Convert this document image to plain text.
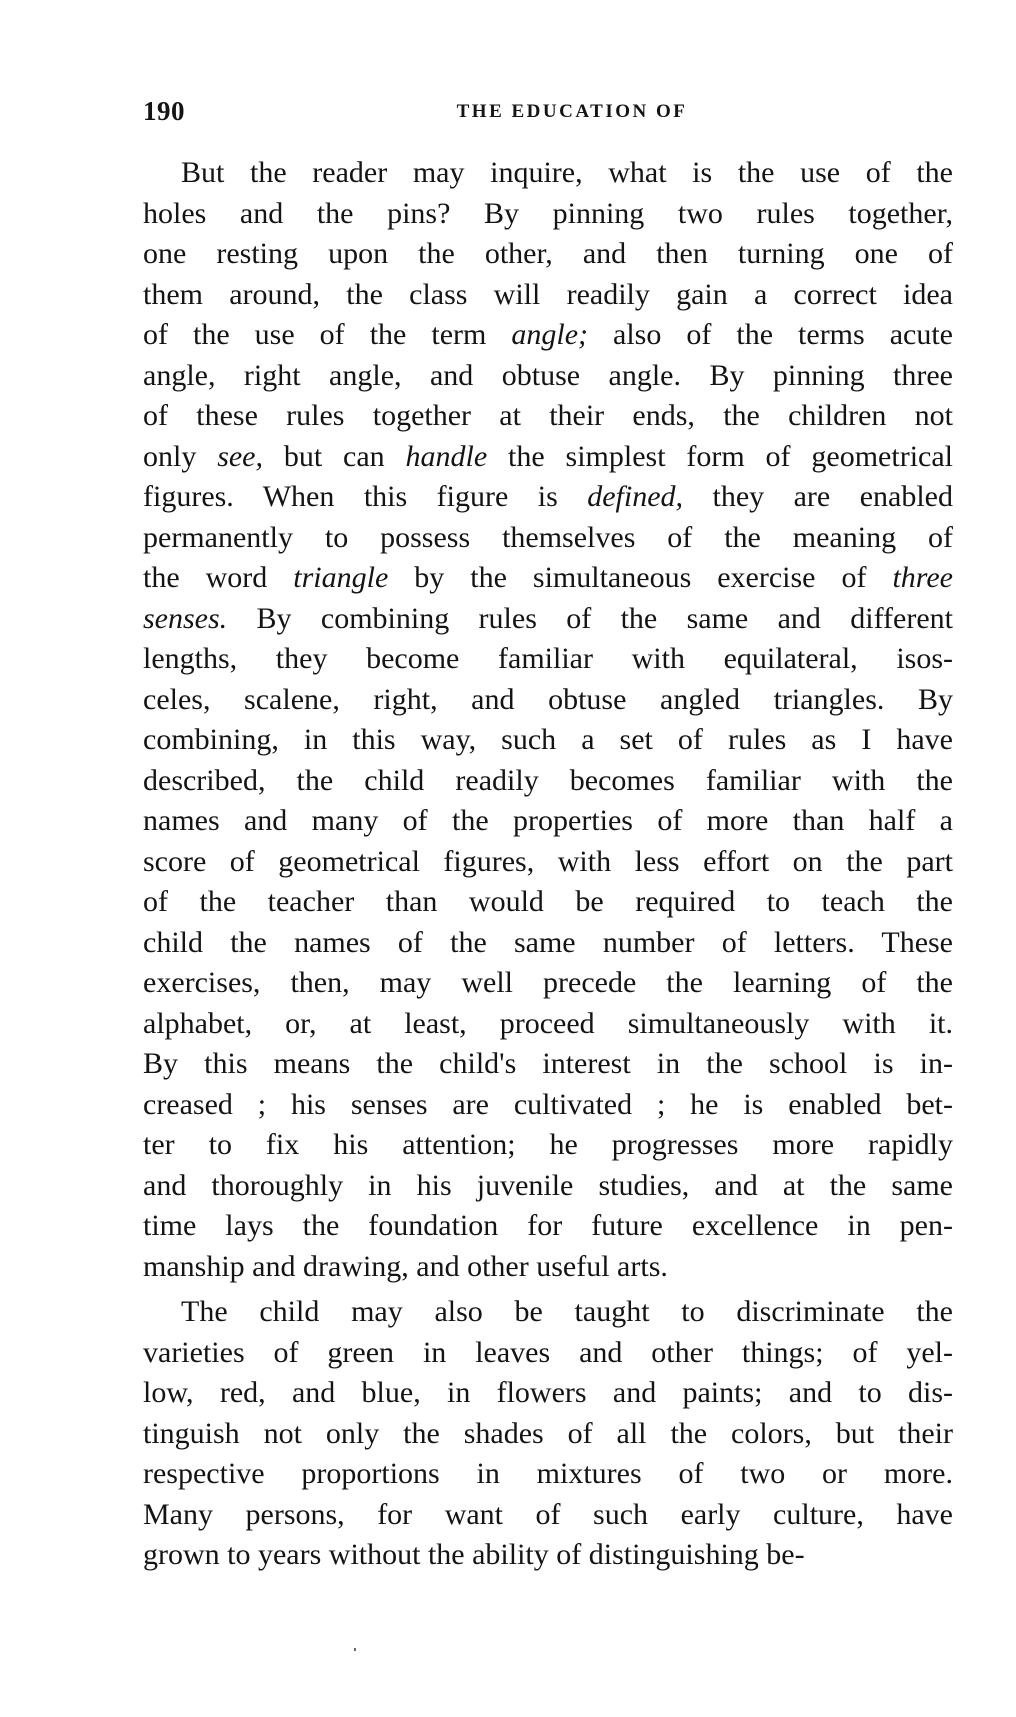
190	THE EDUCATION OF
But the reader may inquire, what is the use of the
holes and the pins? By pinning two rules together,
one resting upon the other, and then turning one of
them around, the class will readily gain a correct idea
of the use of the term angle; also of the terms acute
angle, right angle, and obtuse angle. By pinning three
of these rules together at their ends, the children not
only see, but can handle the simplest form of geometrical
figures. When this figure is defined, they are enabled
permanently to possess themselves of the meaning of
the word triangle by the simultaneous exercise of three
senses. By combining rules of the same and different
lengths, they become familiar with equilateral, isos-
celes, scalene, right, and obtuse angled triangles. By
combining, in this way, such a set of rules as I have
described, the child readily becomes familiar with the
names and many of the properties of more than half a
score of geometrical figures, with less effort on the part
of the teacher than would be required to teach the
child the names of the same number of letters. These
exercises, then, may well precede the learning of the
alphabet, or, at least, proceed simultaneously with it.
By this means the child's interest in the school is in-
creased ; his senses are cultivated ; he is enabled bet-
ter to fix his attention; he progresses more rapidly
and thoroughly in his juvenile studies, and at the same
time lays the foundation for future excellence in pen-
manship and drawing, and other useful arts.
The child may also be taught to discriminate the
varieties of green in leaves and other things; of yel-
low, red, and blue, in flowers and paints; and to dis-
tinguish not only the shades of all the colors, but their
respective proportions in mixtures of two or more.
Many persons, for want of such early culture, have
grown to years without the ability of distinguishing be-
